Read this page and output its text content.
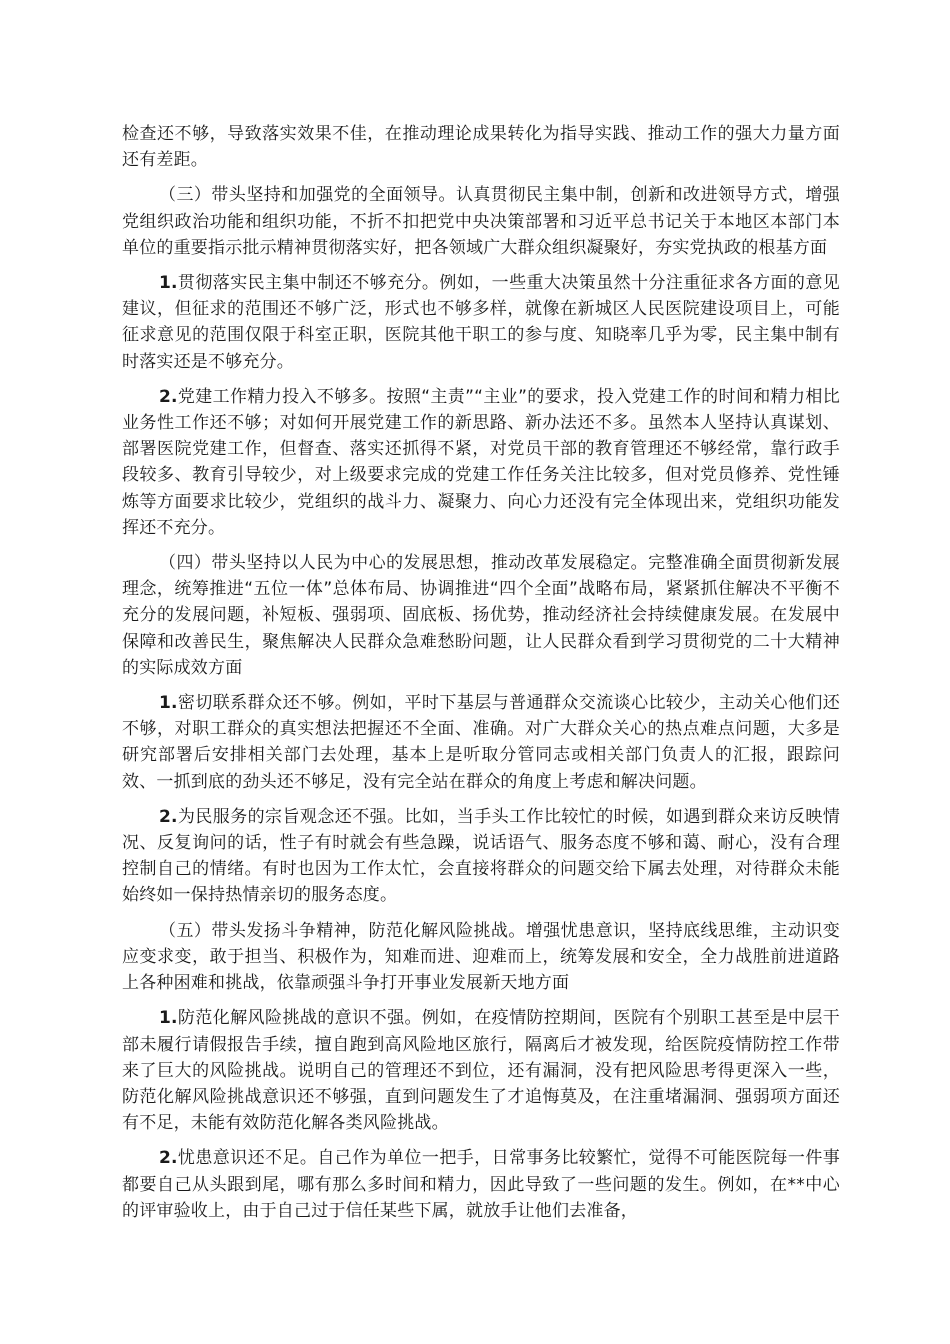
检查还不够，导致落实效果不佳，在推动理论成果转化为指导实践、推动工作的强大力量方面还有差距。

（三）带头坚持和加强党的全面领导。认真贯彻民主集中制，创新和改进领导方式，增强党组织政治功能和组织功能，不折不扣把党中央决策部署和习近平总书记关于本地区本部门本单位的重要指示批示精神贯彻落实好，把各领域广大群众组织凝聚好，夯实党执政的根基方面

1.贯彻落实民主集中制还不够充分。例如，一些重大决策虽然十分注重征求各方面的意见建议，但征求的范围还不够广泛，形式也不够多样，就像在新城区人民医院建设项目上，可能征求意见的范围仅限于科室正职，医院其他干职工的参与度、知晓率几乎为零，民主集中制有时落实还是不够充分。

2.党建工作精力投入不够多。按照“主责”“主业”的要求，投入党建工作的时间和精力相比业务性工作还不够；对如何开展党建工作的新思路、新办法还不多。虽然本人坚持认真谋划、部署医院党建工作，但督查、落实还抓得不紧，对党员干部的教育管理还不够经常，靠行政手段较多、教育引导较少，对上级要求完成的党建工作任务关注比较多，但对党员修养、党性锤炼等方面要求比较少，党组织的战斗力、凝聚力、向心力还没有完全体现出来，党组织功能发挥还不充分。

（四）带头坚持以人民为中心的发展思想，推动改革发展稳定。完整准确全面贯彻新发展理念，统筹推进“五位一体”总体布局、协调推进“四个全面”战略布局，紧紧抓住解决不平衡不充分的发展问题，补短板、强弱项、固底板、扬优势，推动经济社会持续健康发展。在发展中保障和改善民生，聚焦解决人民群众急难愁盼问题，让人民群众看到学习贯彻党的二十大精神的实际成效方面

1.密切联系群众还不够。例如，平时下基层与普通群众交流谈心比较少，主动关心他们还不够，对职工群众的真实想法把握还不全面、准确。对广大群众关心的热点难点问题，大多是研究部署后安排相关部门去处理，基本上是听取分管同志或相关部门负责人的汇报，跟踪问效、一抓到底的劲头还不够足，没有完全站在群众的角度上考虑和解决问题。

2.为民服务的宗旨观念还不强。比如，当手头工作比较忙的时候，如遇到群众来访反映情况、反复询问的话，性子有时就会有些急躁，说话语气、服务态度不够和蔼、耐心，没有合理控制自己的情绪。有时也因为工作太忙，会直接将群众的问题交给下属去处理，对待群众未能始终如一保持热情亲切的服务态度。

（五）带头发扬斗争精神，防范化解风险挑战。增强忧患意识，坚持底线思维，主动识变应变求变，敢于担当、积极作为，知难而进、迎难而上，统筹发展和安全，全力战胜前进道路上各种困难和挑战，依靠顽强斗争打开事业发展新天地方面

1.防范化解风险挑战的意识不强。例如，在疫情防控期间，医院有个别职工甚至是中层干部未履行请假报告手续，擅自跑到高风险地区旅行，隔离后才被发现，给医院疫情防控工作带来了巨大的风险挑战。说明自己的管理还不到位，还有漏洞，没有把风险思考得更深入一些，防范化解风险挑战意识还不够强，直到问题发生了才追悔莫及，在注重堵漏洞、强弱项方面还有不足，未能有效防范化解各类风险挑战。

2.忧患意识还不足。自己作为单位一把手，日常事务比较繁忙，觉得不可能医院每一件事都要自己从头跟到尾，哪有那么多时间和精力，因此导致了一些问题的发生。例如，在**中心的评审验收上，由于自己过于信任某些下属，就放手让他们去准备，
